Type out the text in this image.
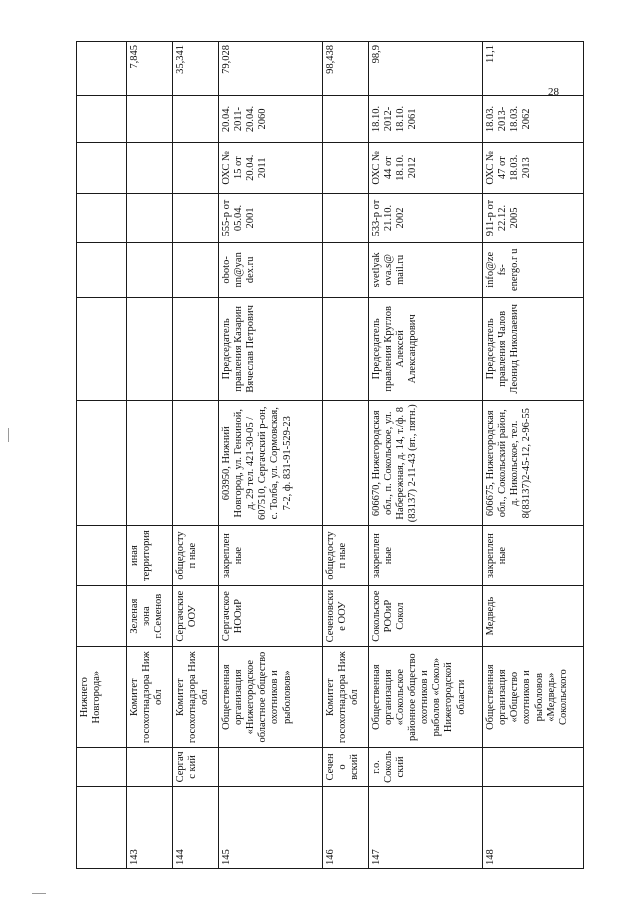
28
		Нижнего Новгорода»									
143		Комитет госохотнадзора Ниж обл	Зеленая зона г.Семенов	иная территория							7,845
144	Сергачс кий	Комитет госохотнадзора Ниж обл	Сергачские ООУ	общедоступ ные							35,341
145		Общественная организация «Нижегородское областное общество охотников и рыболовов»	Сергачское НООиР	закреплен ные	603950, Нижний Новгород, ул. Генкиной, д. 29 тел. 421-30-05 / 607510, Сергачский р-он, с. Толба, ул. Сормовская, 7-2, ф. 831-91-529-23	Председатель правления Казарин Вячеслав Петрович	oboto-nn@yan dex.ru	555-р от 05.04. 2001	ОХС № 15 от 20.04. 2011	20.04. 2011- 20.04. 2060	79,028
146	Сечено вский	Комитет госохотнадзора Ниж обл	Сеченовские ООУ	общедоступ ные							98,438
147	г.о. Соколь ский	Общественная организация «Сокольское районное общество охотников и рыболов «Сокол» Нижегородской области	Сокольское РООиР Сокол	закреплен ные	606670, Нижегородская обл., п. Сокольское, ул. Набережная, д. 14, т./ф. 8 (83137) 2-11-43 (вт., пятн.)	Председатель правления Круглов Алексей Александрович	svetlyak ova.s@ mail.ru	533-р от 21.10. 2002	ОХС № 44 от 18.10. 2012	18.10. 2012- 18.10. 2061	98,9
148		Общественная организация «Общество охотников и рыболовов «Медведь» Сокольского	Медведь	закреплен ные	606675, Нижегородская обл., Сокольский район, д. Никольское, тел. 8(83137)2-45-12, 2-96-55	Председатель правления Чалов Леонид Николаевич	info@ze fs- energo.r u	911-р от 22.12. 2005	ОХС № 47 от 18.03. 2013	18.03. 2013- 18.03. 2062	11,1
